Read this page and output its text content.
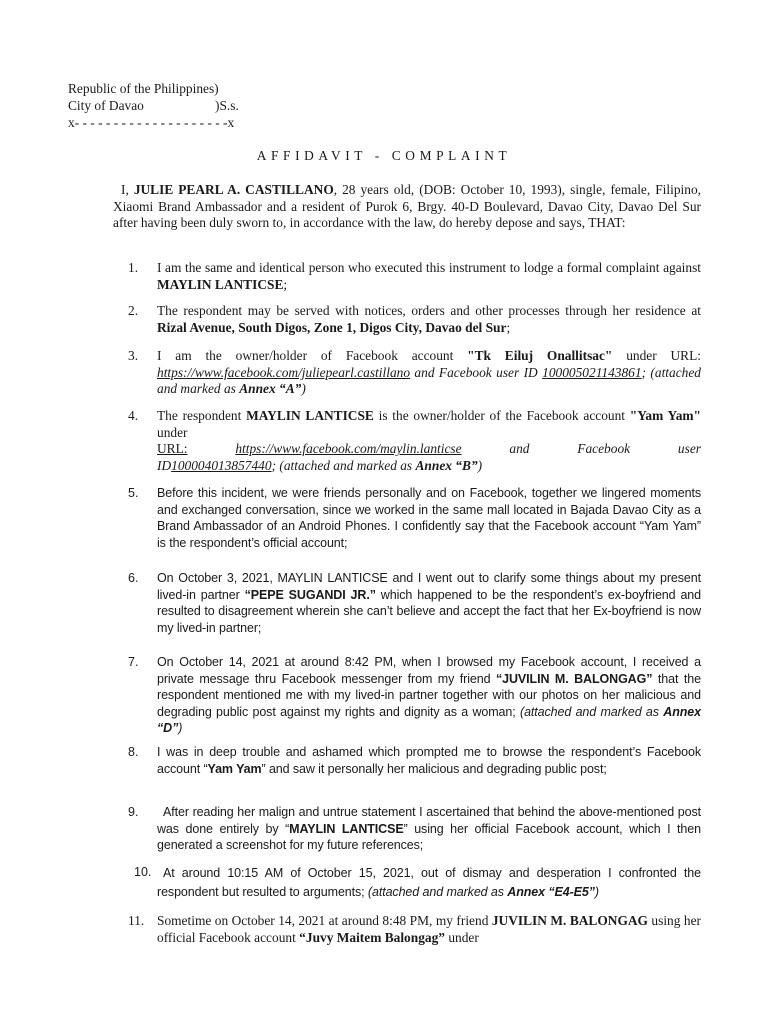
Republic of the Philippines)
City of Davao	)S.s.
x- - - - - - - - - - - - - - - - - - - -x
AFFIDAVIT - COMPLAINT
I, JULIE PEARL A. CASTILLANO, 28 years old, (DOB: October 10, 1993), single, female, Filipino, Xiaomi Brand Ambassador and a resident of Purok 6, Brgy. 40-D Boulevard, Davao City, Davao Del Sur after having been duly sworn to, in accordance with the law, do hereby depose and says, THAT:
1.	I am the same and identical person who executed this instrument to lodge a formal complaint against MAYLIN LANTICSE;
2.	The respondent may be served with notices, orders and other processes through her residence at Rizal Avenue, South Digos, Zone 1, Digos City, Davao del Sur;
3.	I am the owner/holder of Facebook account "Tk Eiluj Onallitsac" under URL: https://www.facebook.com/juliepearl.castillano and Facebook user ID 100005021143861; (attached and marked as Annex “A”)
4.	The respondent MAYLIN LANTICSE is the owner/holder of the Facebook account "Yam Yam" under
URL:	https://www.facebook.com/maylin.lanticse	and	Facebook	user
ID100004013857440; (attached and marked as Annex “B”)
5.	Before this incident, we were friends personally and on Facebook, together we lingered moments and exchanged conversation, since we worked in the same mall located in Bajada Davao City as a Brand Ambassador of an Android Phones. I confidently say that the Facebook account “Yam Yam” is the respondent’s official account;
6.	On October 3, 2021, MAYLIN LANTICSE and I went out to clarify some things about my present lived-in partner “PEPE SUGANDI JR.” which happened to be the respondent’s ex-boyfriend and resulted to disagreement wherein she can’t believe and accept the fact that her Ex-boyfriend is now my lived-in partner;
7.	On October 14, 2021 at around 8:42 PM, when I browsed my Facebook account, I received a private message thru Facebook messenger from my friend “JUVILIN M. BALONGAG” that the respondent mentioned me with my lived-in partner together with our photos on her malicious and degrading public post against my rights and dignity as a woman; (attached and marked as Annex “D”)
8.	I was in deep trouble and ashamed which prompted me to browse the respondent’s Facebook account “Yam Yam” and saw it personally her malicious and degrading public post;
9.	After reading her malign and untrue statement I ascertained that behind the above-mentioned post was done entirely by “MAYLIN LANTICSE” using her official Facebook account, which I then generated a screenshot for my future references;
10. At around 10:15 AM of October 15, 2021, out of dismay and desperation I confronted the respondent but resulted to arguments; (attached and marked as Annex “E4-E5”)
11. Sometime on October 14, 2021 at around 8:48 PM, my friend JUVILIN M. BALONGAG using her official Facebook account “Juvy Maitem Balongag” under
